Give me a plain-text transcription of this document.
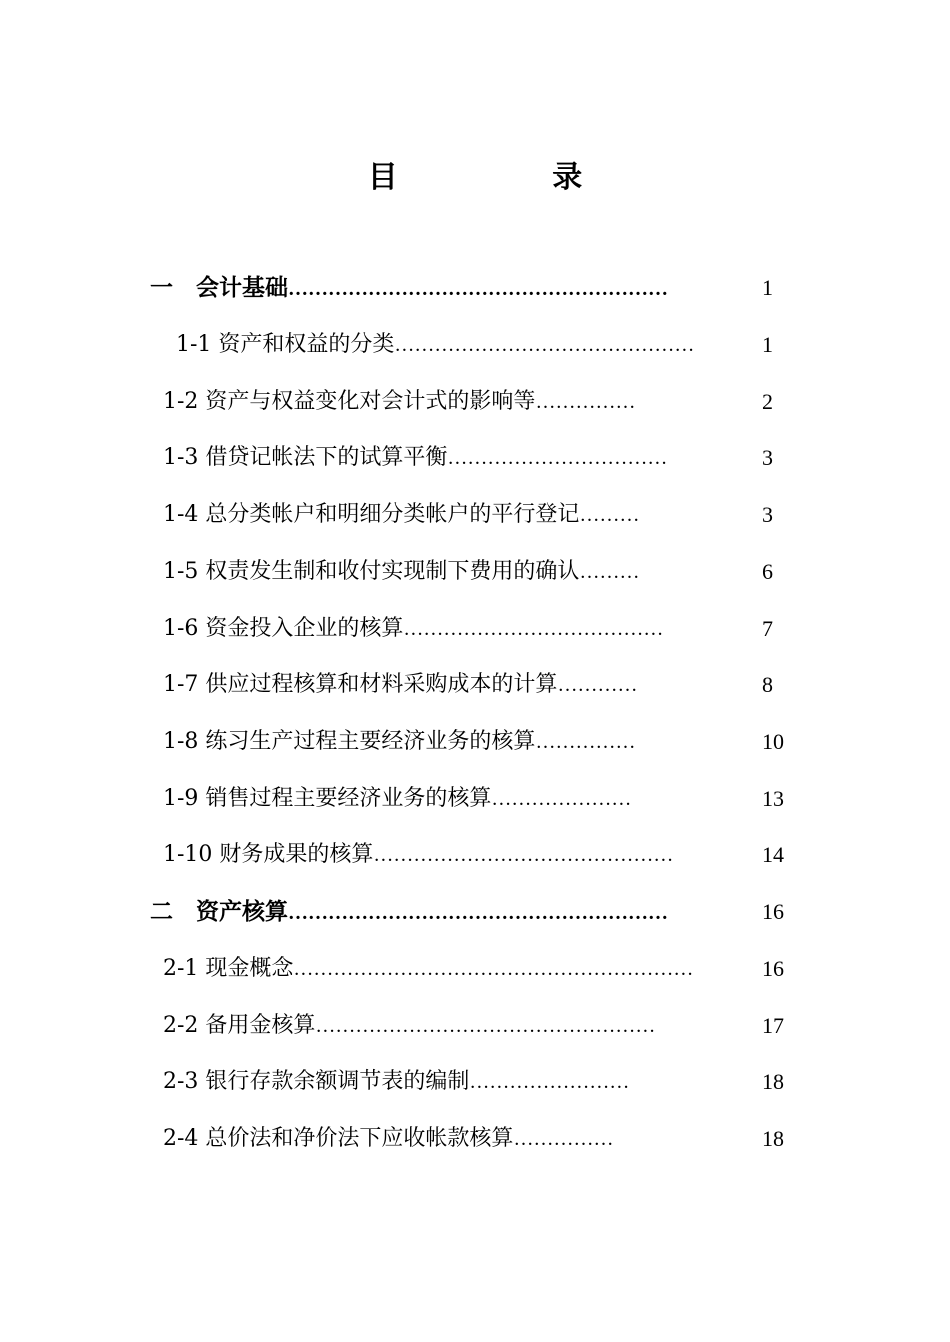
目 录
一　会计基础…………………………………………………	1
1-1 资产和权益的分类………………………………………	1
1-2 资产与权益变化对会计式的影响等……………	2
1-3 借贷记帐法下的试算平衡……………………………	3
1-4 总分类帐户和明细分类帐户的平行登记………	3
1-5 权责发生制和收付实现制下费用的确认………	6
1-6 资金投入企业的核算…………………………………	7
1-7 供应过程核算和材料采购成本的计算…………	8
1-8 练习生产过程主要经济业务的核算……………	10
1-9 销售过程主要经济业务的核算…………………	13
1-10 财务成果的核算………………………………………	14
二　资产核算…………………………………………………	16
2-1 现金概念……………………………………………………	16
2-2 备用金核算……………………………………………	17
2-3 银行存款余额调节表的编制……………………	18
2-4 总价法和净价法下应收帐款核算……………	18
